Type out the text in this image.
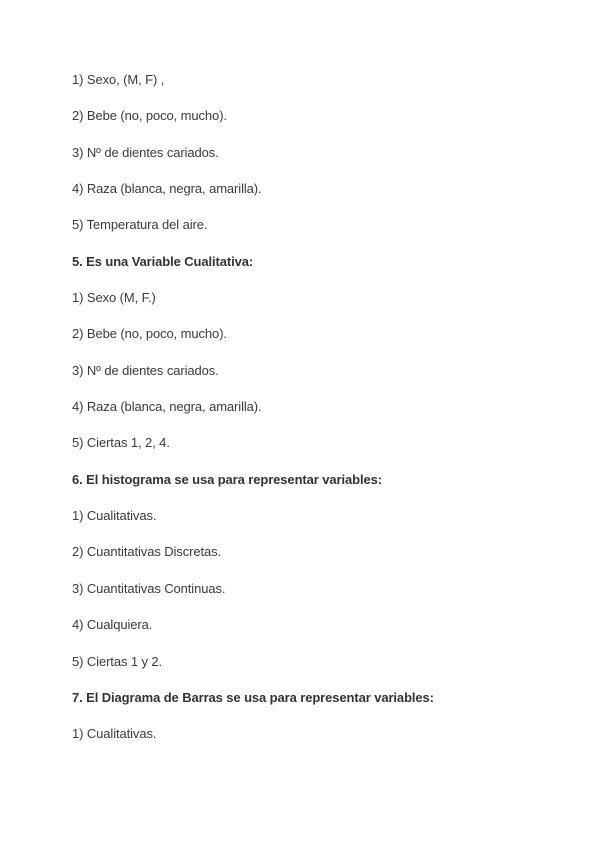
1) Sexo, (M, F) ,
2) Bebe (no, poco, mucho).
3) Nº de dientes cariados.
4) Raza (blanca, negra, amarilla).
5) Temperatura del aire.
5. Es una Variable Cualitativa:
1) Sexo (M, F.)
2) Bebe (no, poco, mucho).
3) Nº de dientes cariados.
4) Raza (blanca, negra, amarilla).
5) Ciertas 1, 2, 4.
6. El histograma se usa para representar variables:
1) Cualitativas.
2) Cuantitativas Discretas.
3) Cuantitativas Continuas.
4) Cualquiera.
5) Ciertas 1 y 2.
7. El Diagrama de Barras se usa para representar variables:
1) Cualitativas.
